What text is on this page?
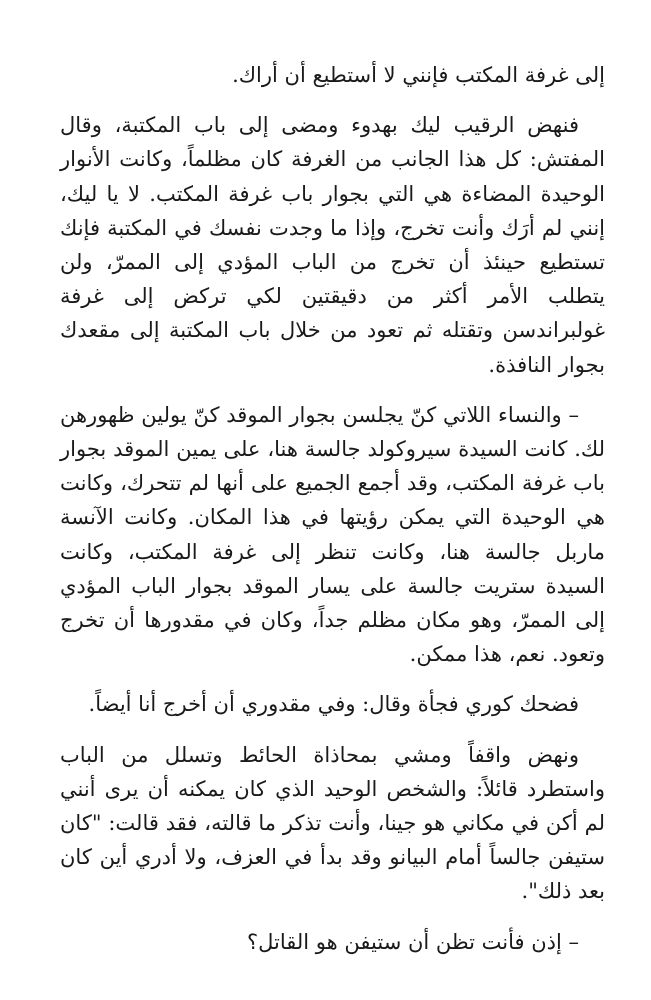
إلى غرفة المكتب فإنني لا أستطيع أن أراك.

فنهض الرقيب ليك بهدوء ومضى إلى باب المكتبة، وقال المفتش: كل هذا الجانب من الغرفة كان مظلماً، وكانت الأنوار الوحيدة المضاءة هي التي بجوار باب غرفة المكتب. لا يا ليك، إنني لم أرَك وأنت تخرج، وإذا ما وجدت نفسك في المكتبة فإنك تستطيع حينئذ أن تخرج من الباب المؤدي إلى الممرّ، ولن يتطلب الأمر أكثر من دقيقتين لكي تركض إلى غرفة غولبراندسن وتقتله ثم تعود من خلال باب المكتبة إلى مقعدك بجوار النافذة.

– والنساء اللاتي كنّ يجلسن بجوار الموقد كنّ يولين ظهورهن لك. كانت السيدة سيروكولد جالسة هنا، على يمين الموقد بجوار باب غرفة المكتب، وقد أجمع الجميع على أنها لم تتحرك، وكانت هي الوحيدة التي يمكن رؤيتها في هذا المكان. وكانت الآنسة ماربل جالسة هنا، وكانت تنظر إلى غرفة المكتب، وكانت السيدة ستريت جالسة على يسار الموقد بجوار الباب المؤدي إلى الممرّ، وهو مكان مظلم جداً، وكان في مقدورها أن تخرج وتعود. نعم، هذا ممكن.

فضحك كوري فجأة وقال: وفي مقدوري أن أخرج أنا أيضاً.

ونهض واقفاً ومشي بمحاذاة الحائط وتسلل من الباب واستطرد قائلاً: والشخص الوحيد الذي كان يمكنه أن يرى أنني لم أكن في مكاني هو جينا، وأنت تذكر ما قالته، فقد قالت: "كان ستيفن جالساً أمام البيانو وقد بدأ في العزف، ولا أدري أين كان بعد ذلك".

– إذن فأنت تظن أن ستيفن هو القاتل؟
